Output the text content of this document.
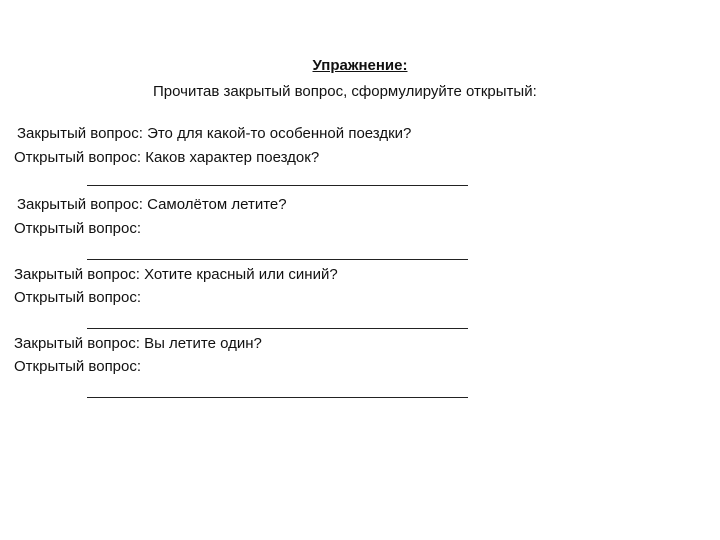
Упражнение:
Прочитав закрытый вопрос, сформулируйте открытый:
Закрытый вопрос: Это для какой-то особенной поездки?
Открытый вопрос: Каков характер поездок?
Закрытый вопрос: Самолётом летите?
Открытый вопрос:
Закрытый вопрос: Хотите красный или синий?
Открытый вопрос:
Закрытый вопрос: Вы летите один?
Открытый вопрос:
